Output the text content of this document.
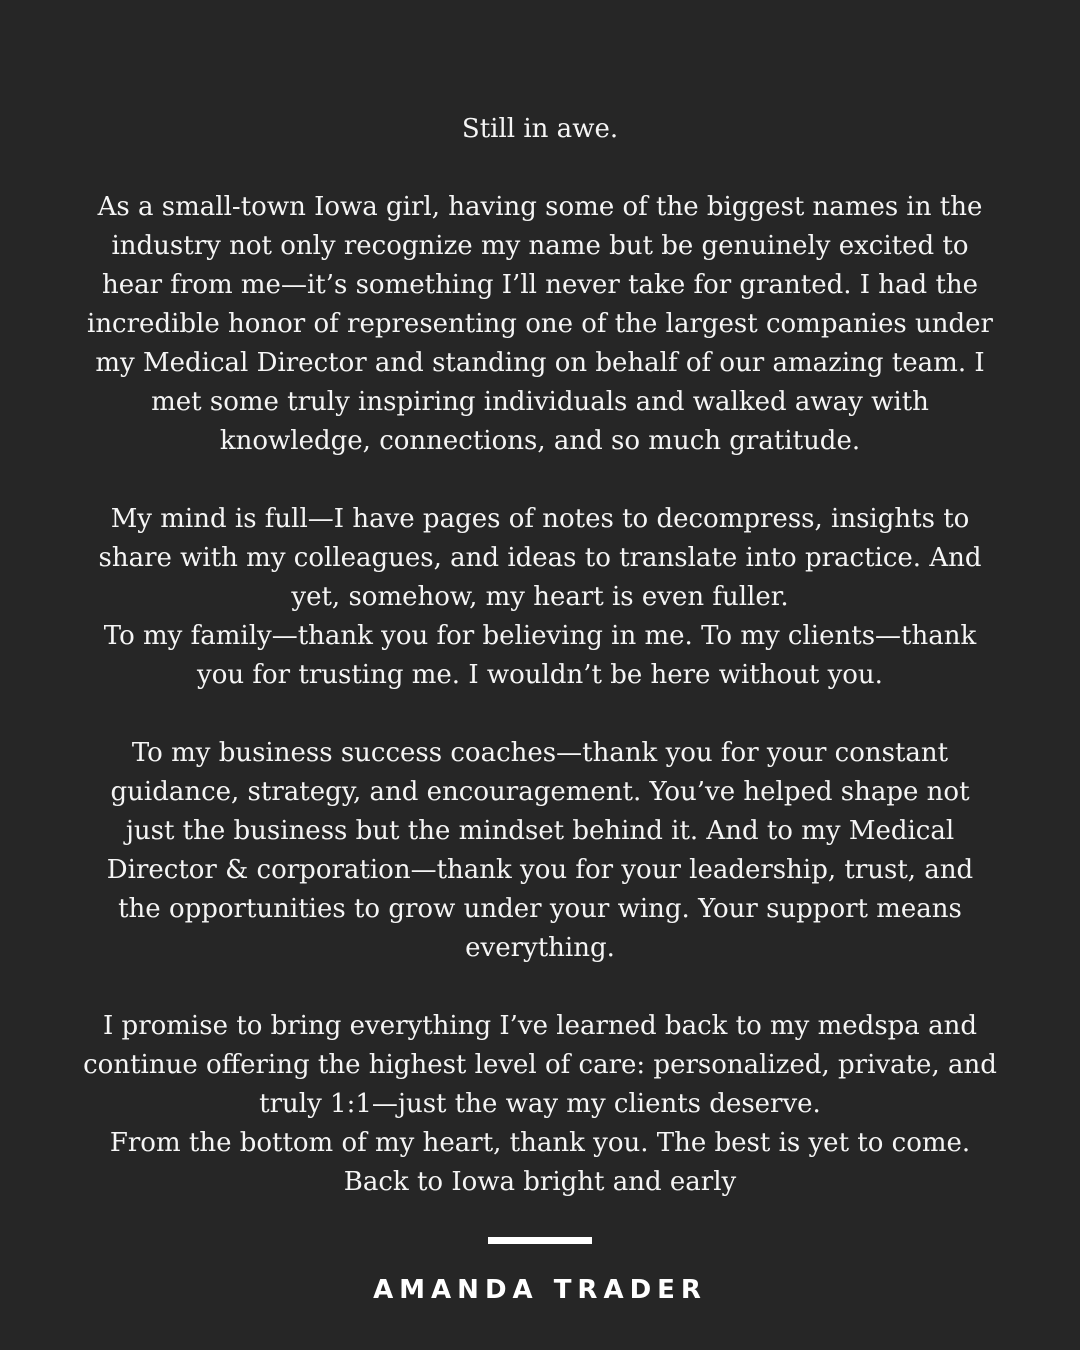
Still in awe.
As a small-town Iowa girl, having some of the biggest names in the
industry not only recognize my name but be genuinely excited to
hear from me—it’s something I’ll never take for granted. I had the
incredible honor of representing one of the largest companies under
my Medical Director and standing on behalf of our amazing team. I
met some truly inspiring individuals and walked away with
knowledge, connections, and so much gratitude.
My mind is full—I have pages of notes to decompress, insights to
share with my colleagues, and ideas to translate into practice. And
yet, somehow, my heart is even fuller.
To my family—thank you for believing in me. To my clients—thank
you for trusting me. I wouldn’t be here without you.
To my business success coaches—thank you for your constant
guidance, strategy, and encouragement. You’ve helped shape not
just the business but the mindset behind it. And to my Medical
Director & corporation—thank you for your leadership, trust, and
the opportunities to grow under your wing. Your support means
everything.
I promise to bring everything I’ve learned back to my medspa and
continue offering the highest level of care: personalized, private, and
truly 1:1—just the way my clients deserve.
From the bottom of my heart, thank you. The best is yet to come.
Back to Iowa bright and early
AMANDA TRADER
